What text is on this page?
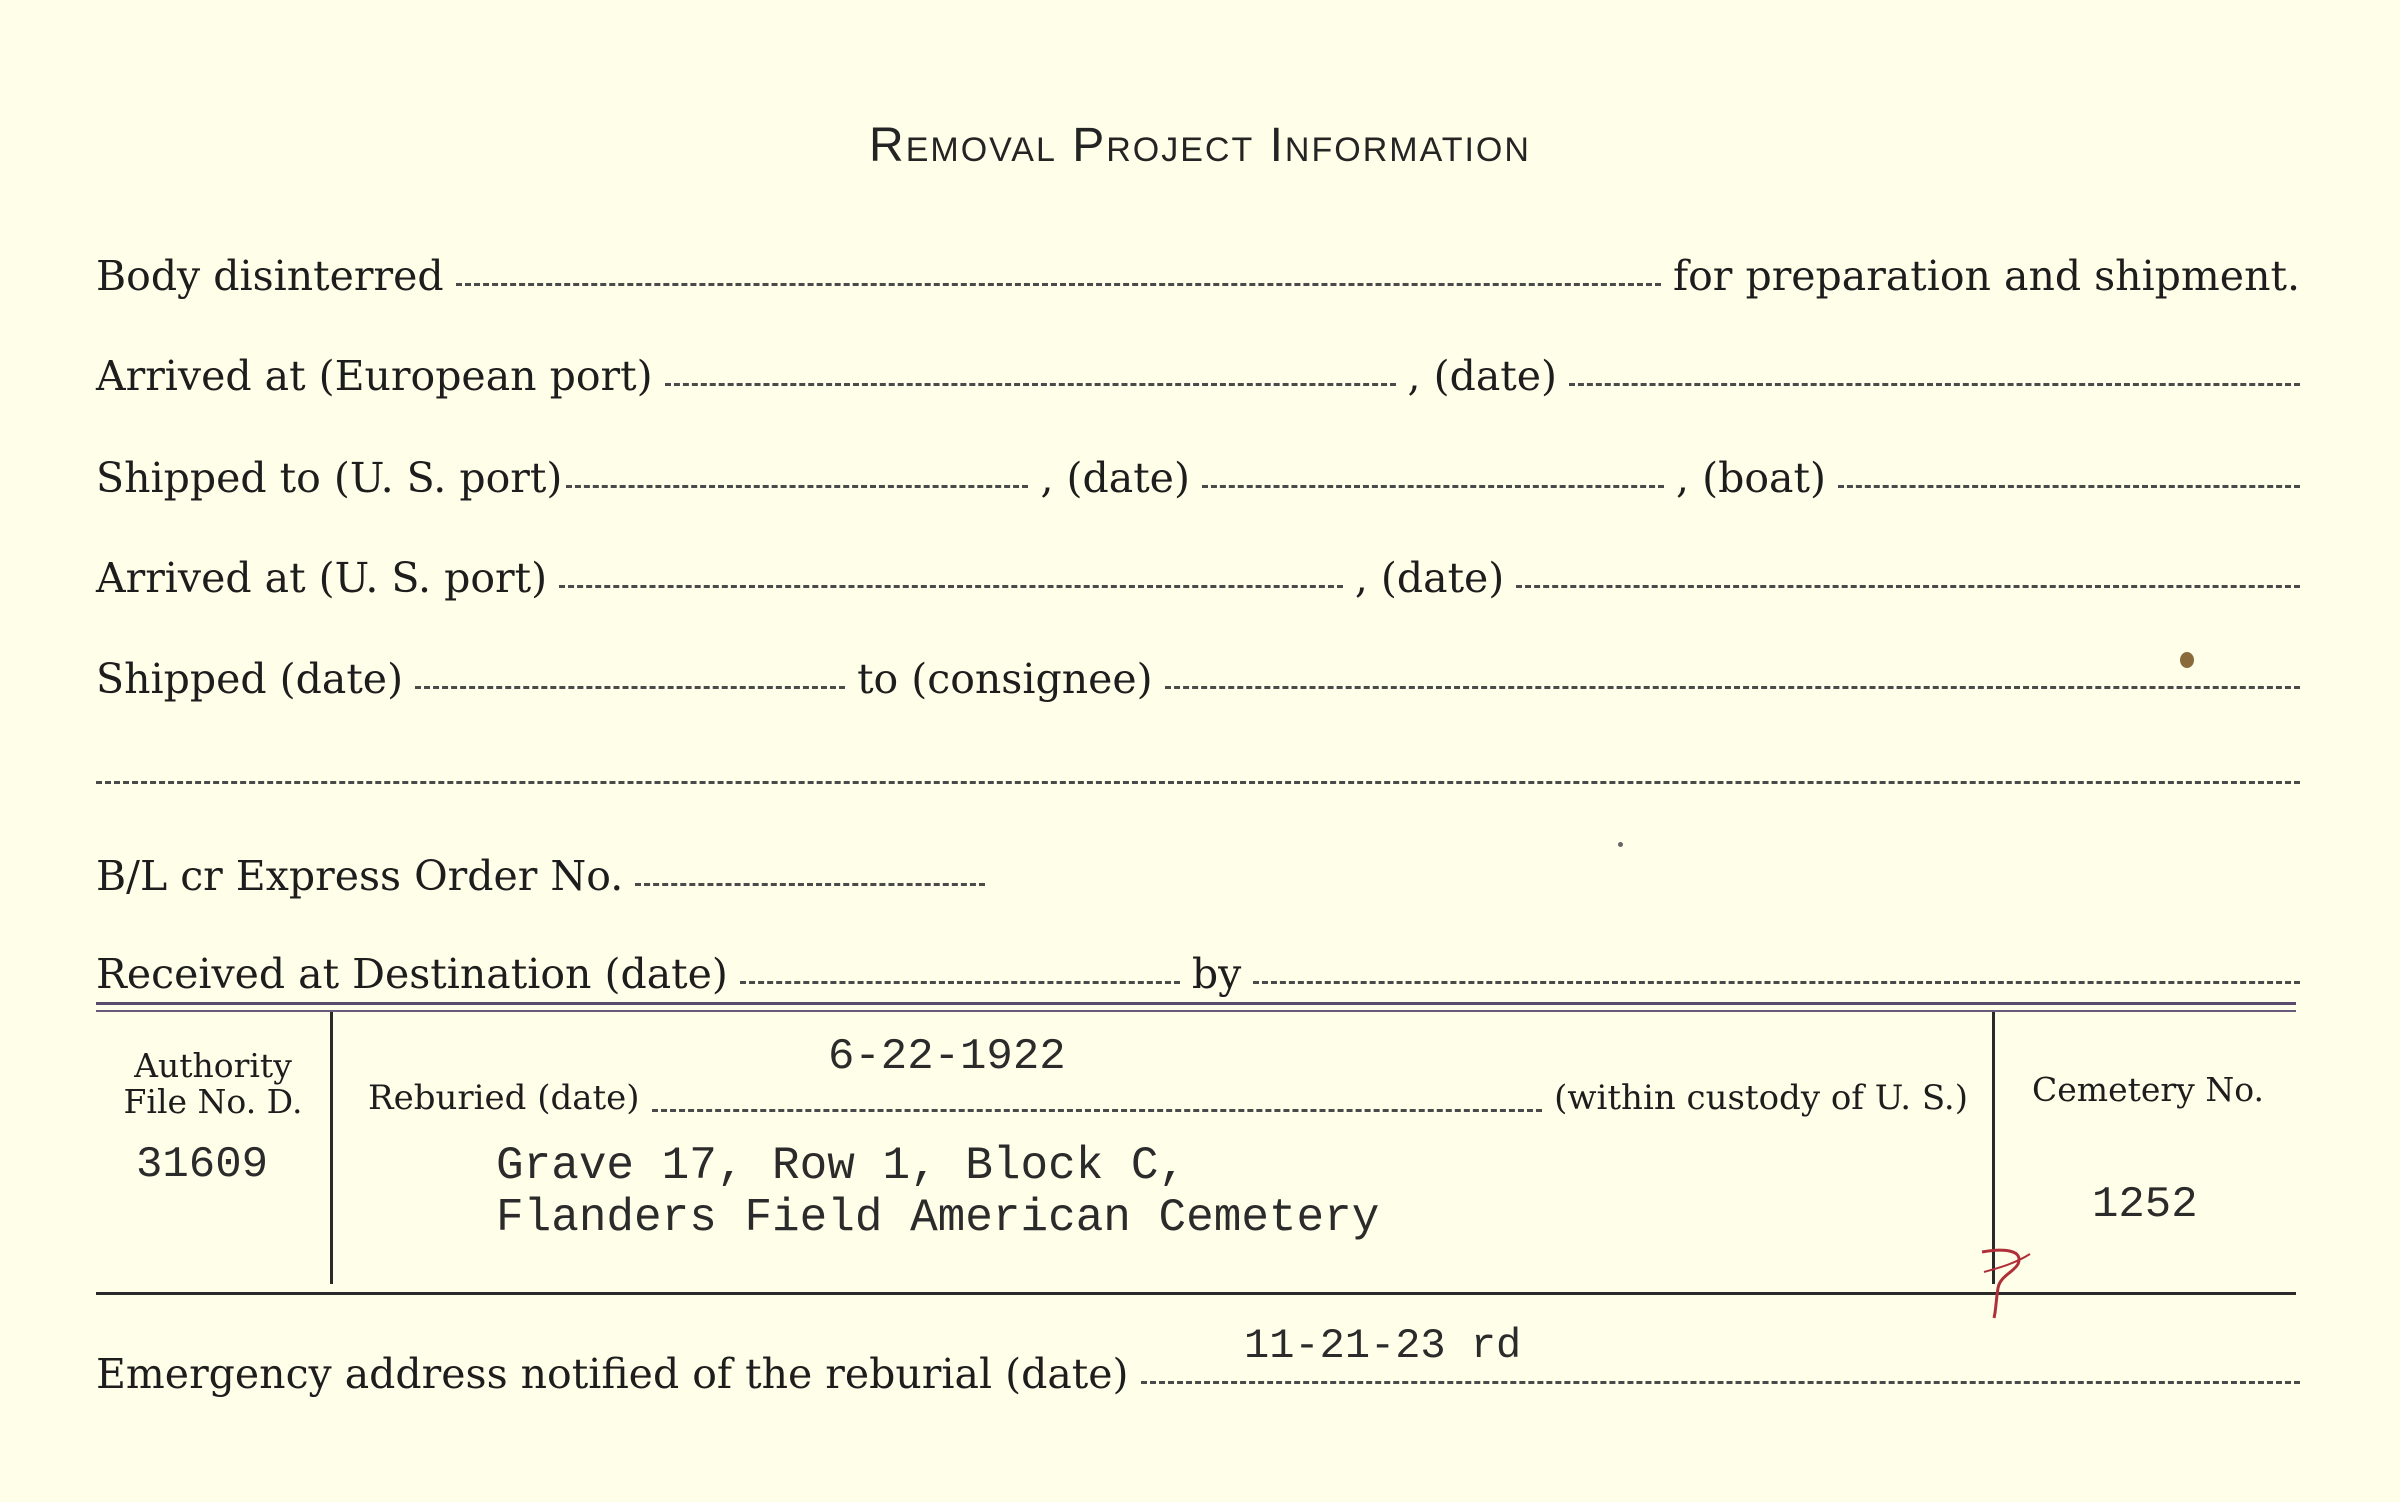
Removal Project Information
Body disinterred	for preparation and shipment.
Arrived at (European port)	, (date)
Shipped to (U. S. port)	, (date)	, (boat)
Arrived at (U. S. port)	, (date)
Shipped (date)	to (consignee)
B/L cr Express Order No.
Received at Destination (date)	by
Authority
File No. D.
31609
6-22-1922
Reburied (date)	(within custody of U. S.)
Grave 17, Row 1, Block C,
Flanders Field American Cemetery
Cemetery No.
1252
11-21-23 rd
Emergency address notified of the reburial (date)
